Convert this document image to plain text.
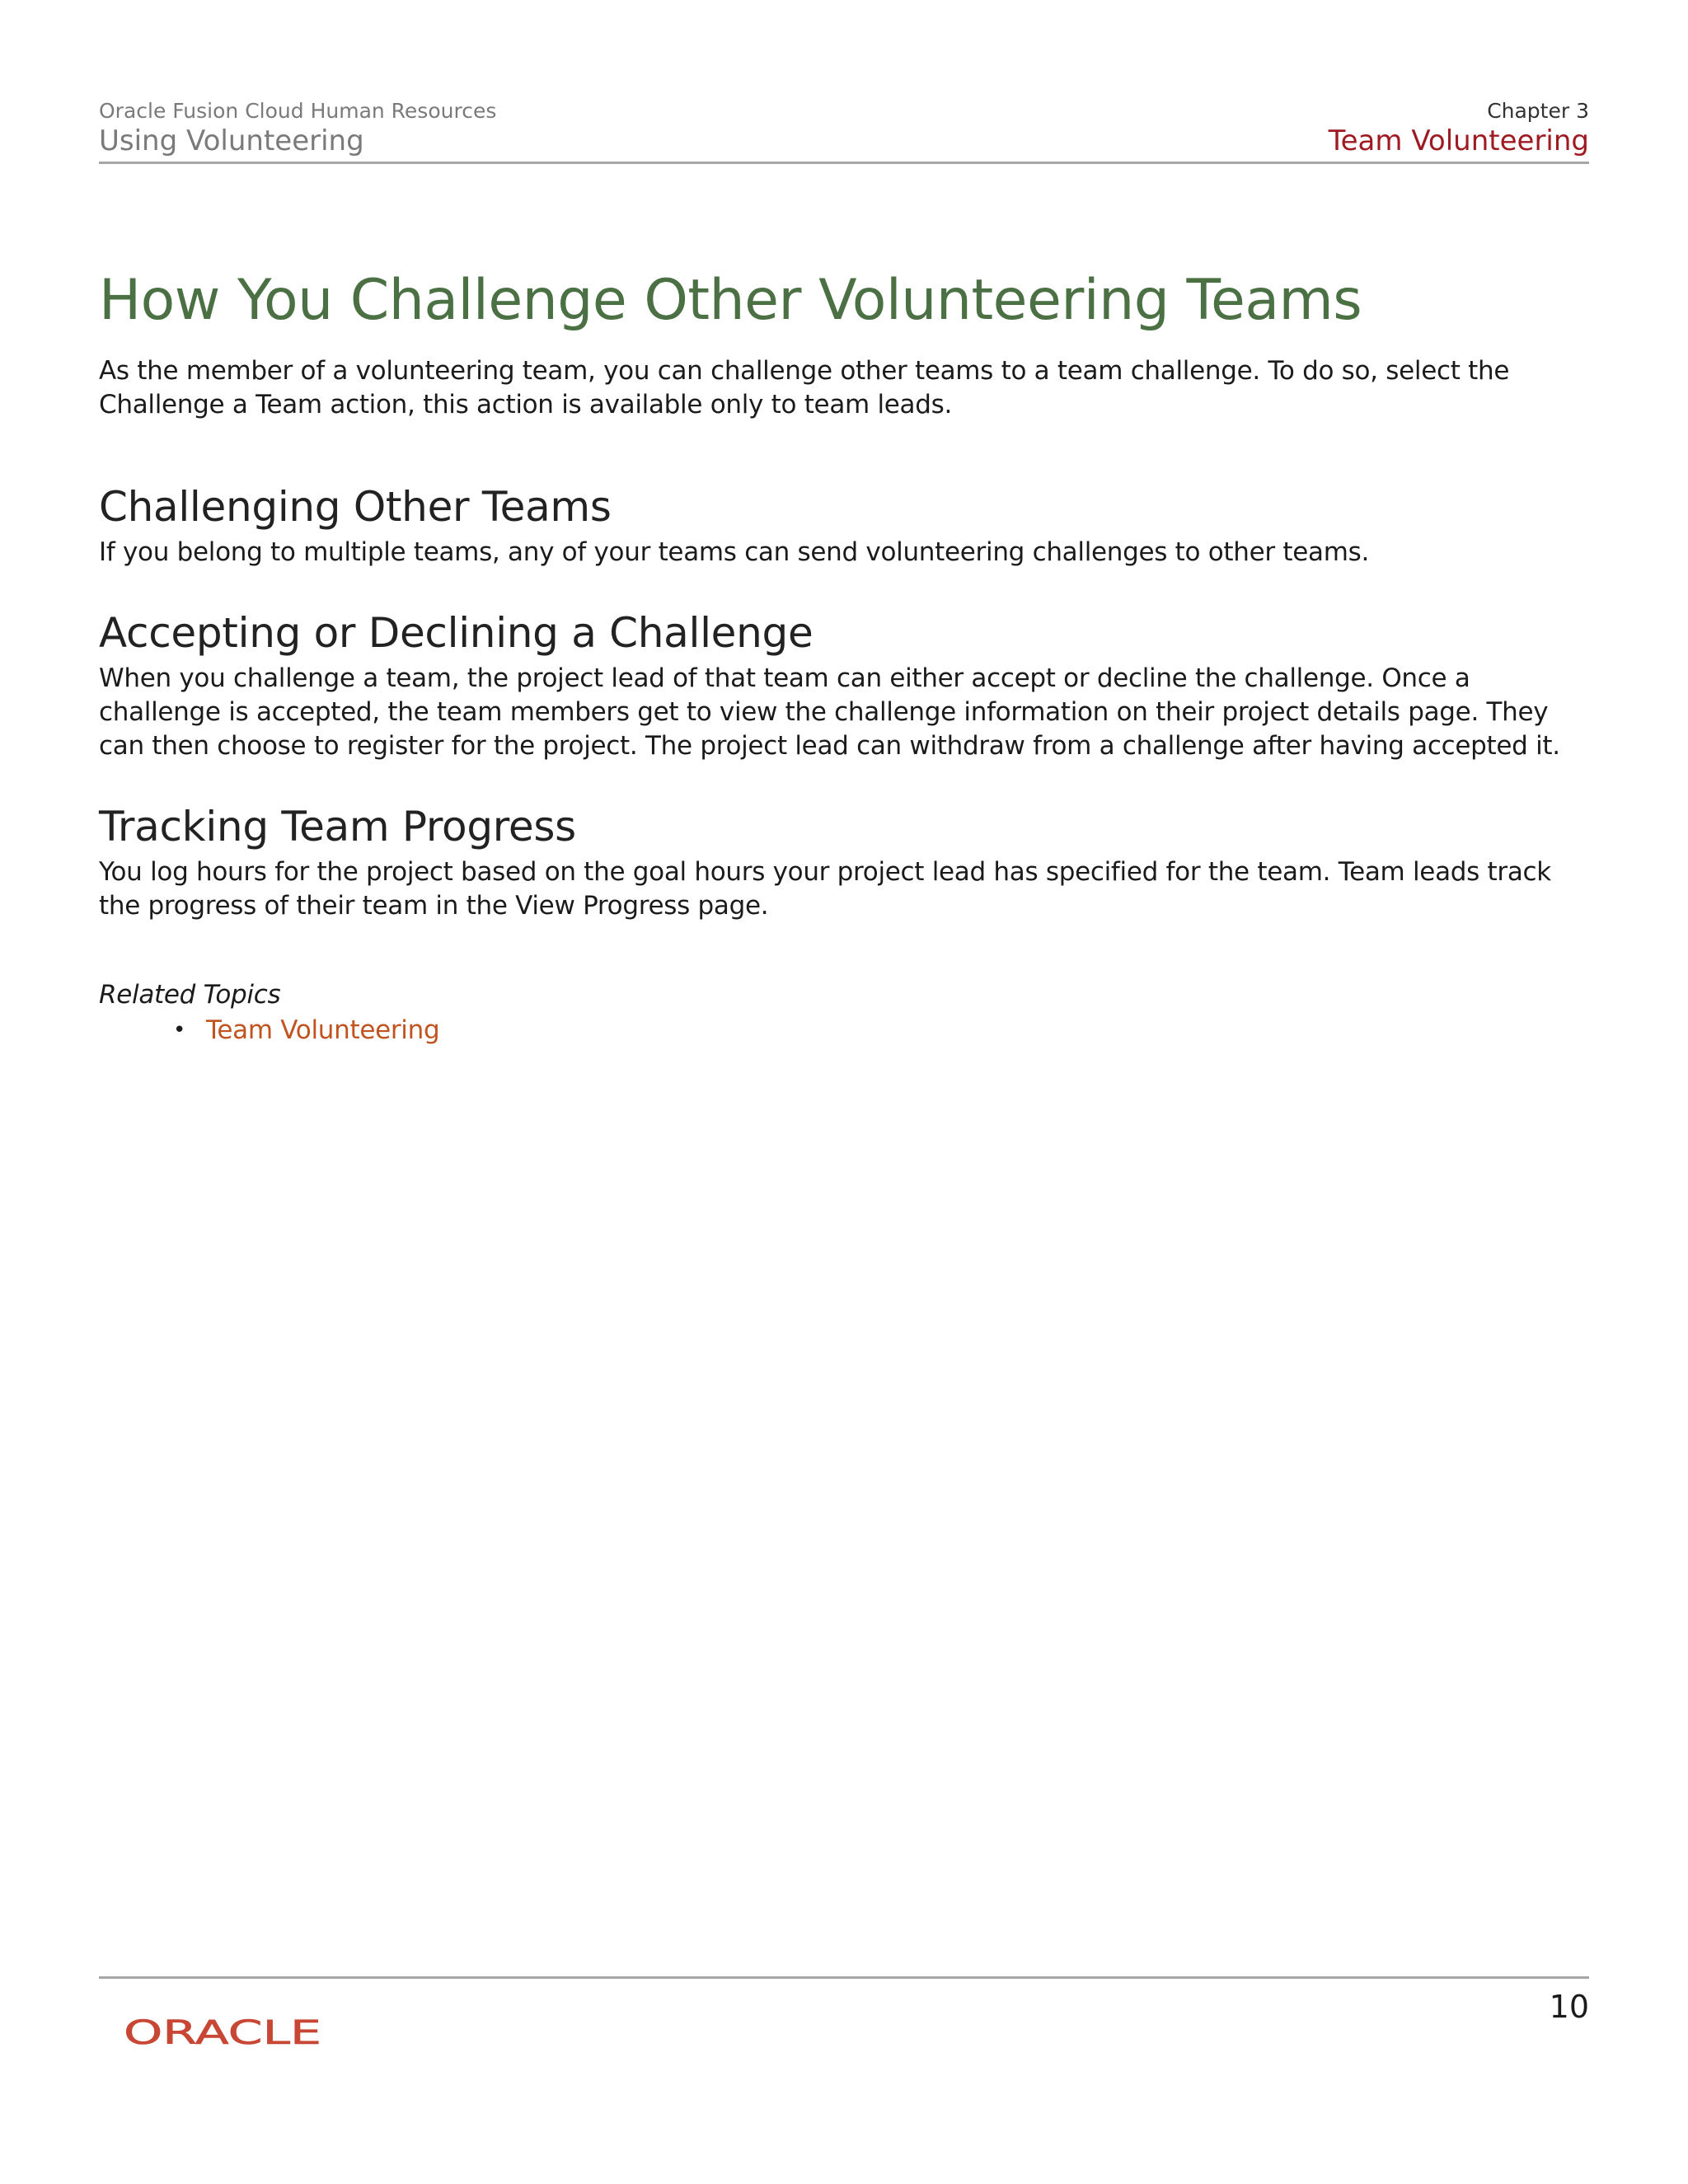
Oracle Fusion Cloud Human Resources
Using Volunteering
Chapter 3
Team Volunteering
How You Challenge Other Volunteering Teams

As the member of a volunteering team, you can challenge other teams to a team challenge. To do so, select the Challenge a Team action, this action is available only to team leads.

Challenging Other Teams

If you belong to multiple teams, any of your teams can send volunteering challenges to other teams.

Accepting or Declining a Challenge

When you challenge a team, the project lead of that team can either accept or decline the challenge. Once a challenge is accepted, the team members get to view the challenge information on their project details page. They can then choose to register for the project. The project lead can withdraw from a challenge after having accepted it.

Tracking Team Progress

You log hours for the project based on the goal hours your project lead has specified for the team. Team leads track the progress of their team in the View Progress page.

Related Topics
• Team Volunteering
10
ORACLE
